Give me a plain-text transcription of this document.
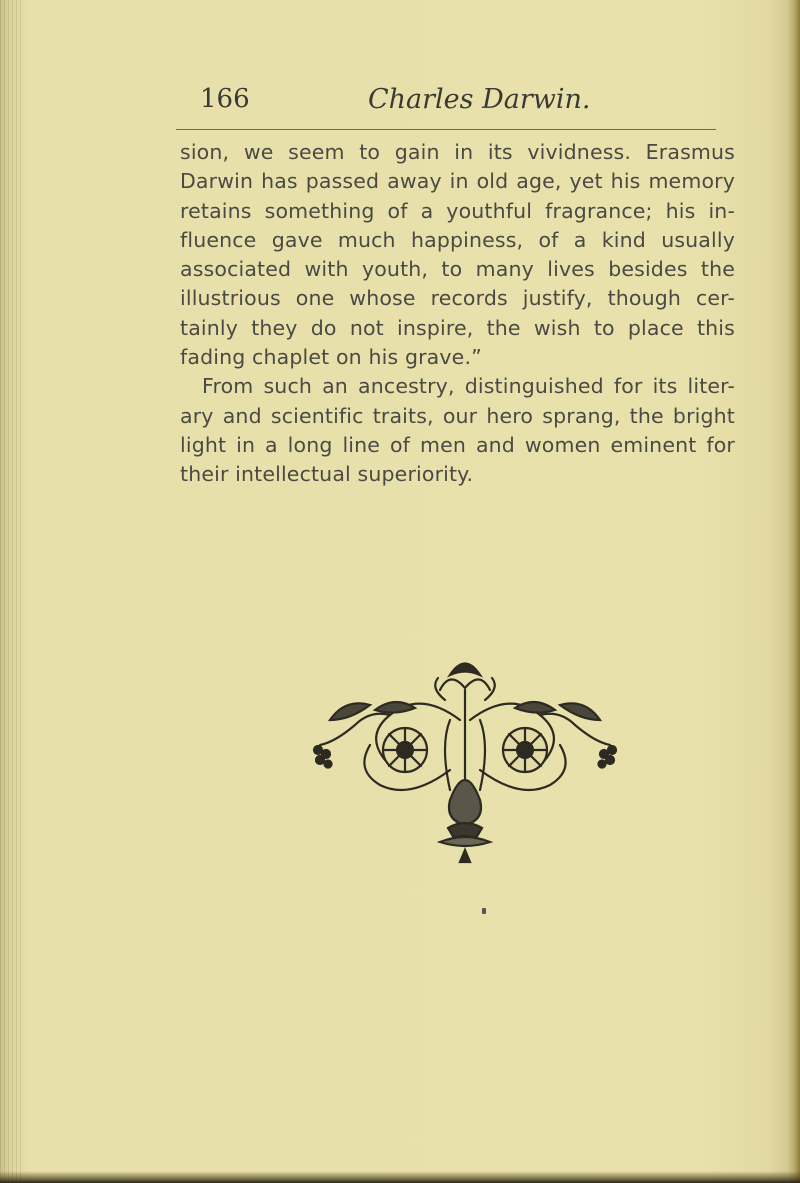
166	Charles Darwin.
sion, we seem to gain in its vividness. Erasmus
Darwin has passed away in old age, yet his memory
retains something of a youthful fragrance; his in-
fluence gave much happiness, of a kind usually
associated with youth, to many lives besides the
illustrious one whose records justify, though cer-
tainly they do not inspire, the wish to place this
fading chaplet on his grave.”
From such an ancestry, distinguished for its liter-
ary and scientific traits, our hero sprang, the bright
light in a long line of men and women eminent for
their intellectual superiority.
